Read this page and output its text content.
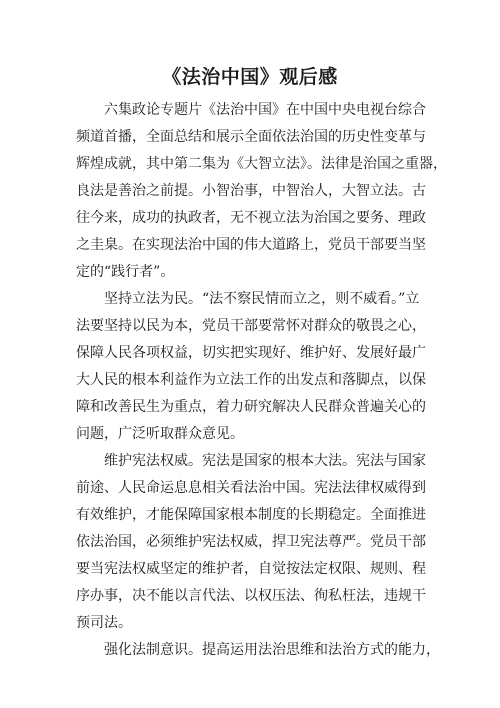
《法治中国》观后感
六集政论专题片《法治中国》在中国中央电视台综合
频道首播，全面总结和展示全面依法治国的历史性变革与
辉煌成就，其中第二集为《大智立法》。法律是治国之重器，
良法是善治之前提。小智治事，中智治人，大智立法。古
往今来，成功的执政者，无不视立法为治国之要务、理政
之圭臬。在实现法治中国的伟大道路上，党员干部要当坚
定的“践行者”。
坚持立法为民。“法不察民情而立之，则不威看。”立
法要坚持以民为本，党员干部要常怀对群众的敬畏之心，
保障人民各项权益，切实把实现好、维护好、发展好最广
大人民的根本利益作为立法工作的出发点和落脚点，以保
障和改善民生为重点，着力研究解决人民群众普遍关心的
问题，广泛听取群众意见。
维护宪法权威。宪法是国家的根本大法。宪法与国家
前途、人民命运息息相关看法治中国。宪法法律权威得到
有效维护，才能保障国家根本制度的长期稳定。全面推进
依法治国，必须维护宪法权威，捍卫宪法尊严。党员干部
要当宪法权威坚定的维护者，自觉按法定权限、规则、程
序办事，决不能以言代法、以权压法、徇私枉法，违规干
预司法。
强化法制意识。提高运用法治思维和法治方式的能力，
